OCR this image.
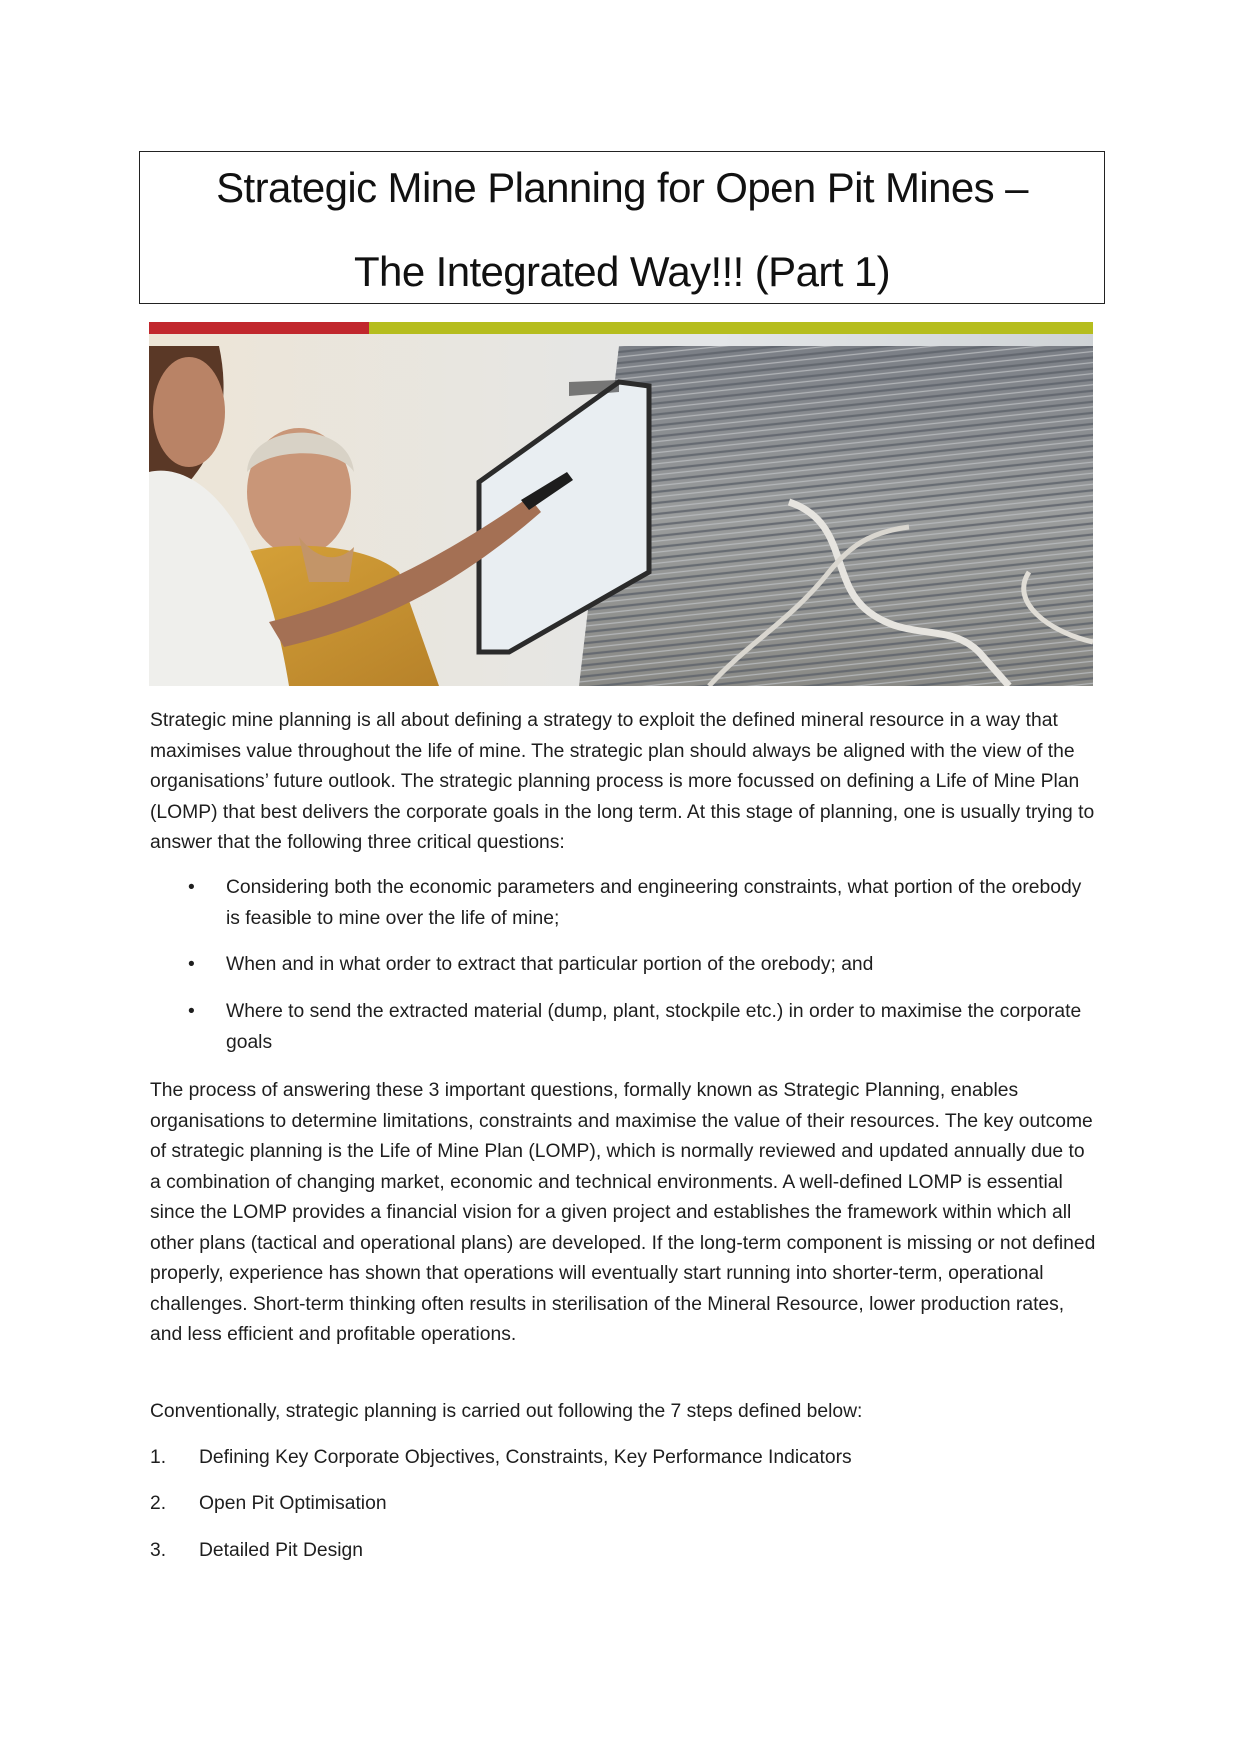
Strategic Mine Planning for Open Pit Mines –
The Integrated Way!!! (Part 1)

Strategic mine planning is all about defining a strategy to exploit the defined mineral resource in a way that maximises value throughout the life of mine. The strategic plan should always be aligned with the view of the organisations’ future outlook. The strategic planning process is more focussed on defining a Life of Mine Plan (LOMP) that best delivers the corporate goals in the long term. At this stage of planning, one is usually trying to answer that the following three critical questions:

• Considering both the economic parameters and engineering constraints, what portion of the orebody is feasible to mine over the life of mine;
• When and in what order to extract that particular portion of the orebody; and
• Where to send the extracted material (dump, plant, stockpile etc.) in order to maximise the corporate goals

The process of answering these 3 important questions, formally known as Strategic Planning, enables organisations to determine limitations, constraints and maximise the value of their resources. The key outcome of strategic planning is the Life of Mine Plan (LOMP), which is normally reviewed and updated annually due to a combination of changing market, economic and technical environments. A well-defined LOMP is essential since the LOMP provides a financial vision for a given project and establishes the framework within which all other plans (tactical and operational plans) are developed. If the long-term component is missing or not defined properly, experience has shown that operations will eventually start running into shorter-term, operational challenges. Short-term thinking often results in sterilisation of the Mineral Resource, lower production rates, and less efficient and profitable operations.

Conventionally, strategic planning is carried out following the 7 steps defined below:

1. Defining Key Corporate Objectives, Constraints, Key Performance Indicators
2. Open Pit Optimisation
3. Detailed Pit Design
